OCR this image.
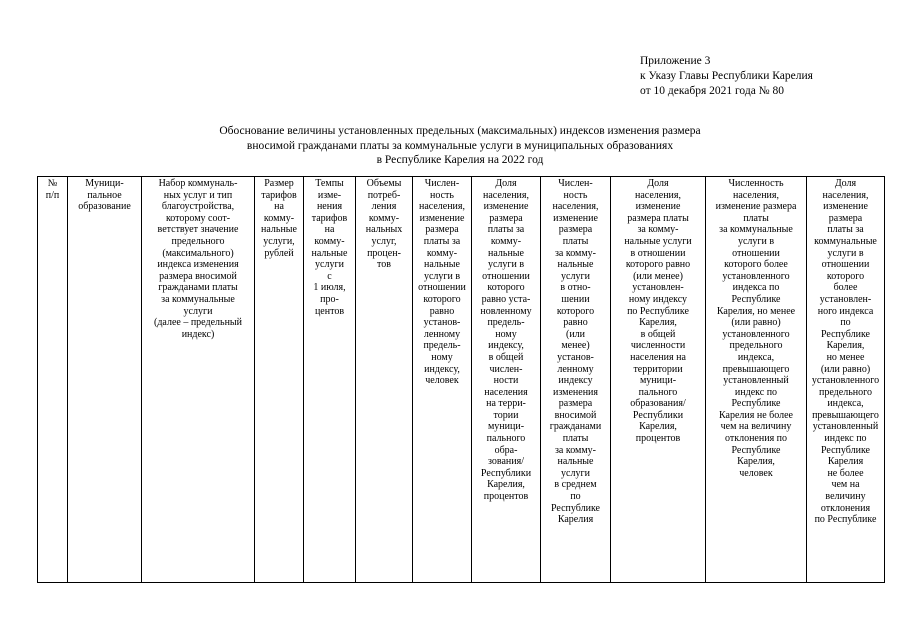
Приложение 3
к Указу Главы Республики Карелия
от 10 декабря 2021 года № 80
Обоснование величины установленных предельных (максимальных) индексов изменения размера
вносимой гражданами платы за коммунальные услуги в муниципальных образованиях
в Республике Карелия на 2022 год
№
п/п	Муници-
пальное
образование	Набор коммуналь-
ных услуг и тип
благоустройства,
которому соот-
ветствует значение
предельного
(максимального)
индекса изменения
размера вносимой
гражданами платы
за коммунальные
услуги
(далее – предельный
индекс)	Размер
тарифов
на
комму-
нальные
услуги,
рублей	Темпы
изме-
нения
тарифов
на
комму-
нальные
услуги
с
1 июля,
про-
центов	Объемы
потреб-
ления
комму-
нальных
услуг,
процен-
тов	Числен-
ность
населения,
изменение
размера
платы за
комму-
нальные
услуги в
отношении
которого
равно
установ-
ленному
предель-
ному
индексу,
человек	Доля
населения,
изменение
размера
платы за
комму-
нальные
услуги в
отношении
которого
равно уста-
новленному
предель-
ному
индексу,
в общей
числен-
ности
населения
на терри-
тории
муници-
пального
обра-
зования/
Республики
Карелия,
процентов	Числен-
ность
населения,
изменение
размера
платы
за комму-
нальные
услуги
в отно-
шении
которого
равно
(или
менее)
установ-
ленному
индексу
изменения
размера
вносимой
гражданами
платы
за комму-
нальные
услуги
в среднем
по
Республике
Карелия	Доля
населения,
изменение
размера платы
за комму-
нальные услуги
в отношении
которого равно
(или менее)
установлен-
ному индексу
по Республике
Карелия,
в общей
численности
населения на
территории
муници-
пального
образования/
Республики
Карелия,
процентов	Численность
населения,
изменение размера
платы
за коммунальные
услуги в
отношении
которого более
установленного
индекса по
Республике
Карелия, но менее
(или равно)
установленного
предельного
индекса,
превышающего
установленный
индекс по
Республике
Карелия не более
чем на величину
отклонения по
Республике
Карелия,
человек	Доля
населения,
изменение
размера
платы за
коммунальные
услуги в
отношении
которого
более
установлен-
ного индекса
по
Республике
Карелия,
но менее
(или равно)
установленного
предельного
индекса,
превышающего
установленный
индекс по
Республике
Карелия
не более
чем на
величину
отклонения
по Республике
